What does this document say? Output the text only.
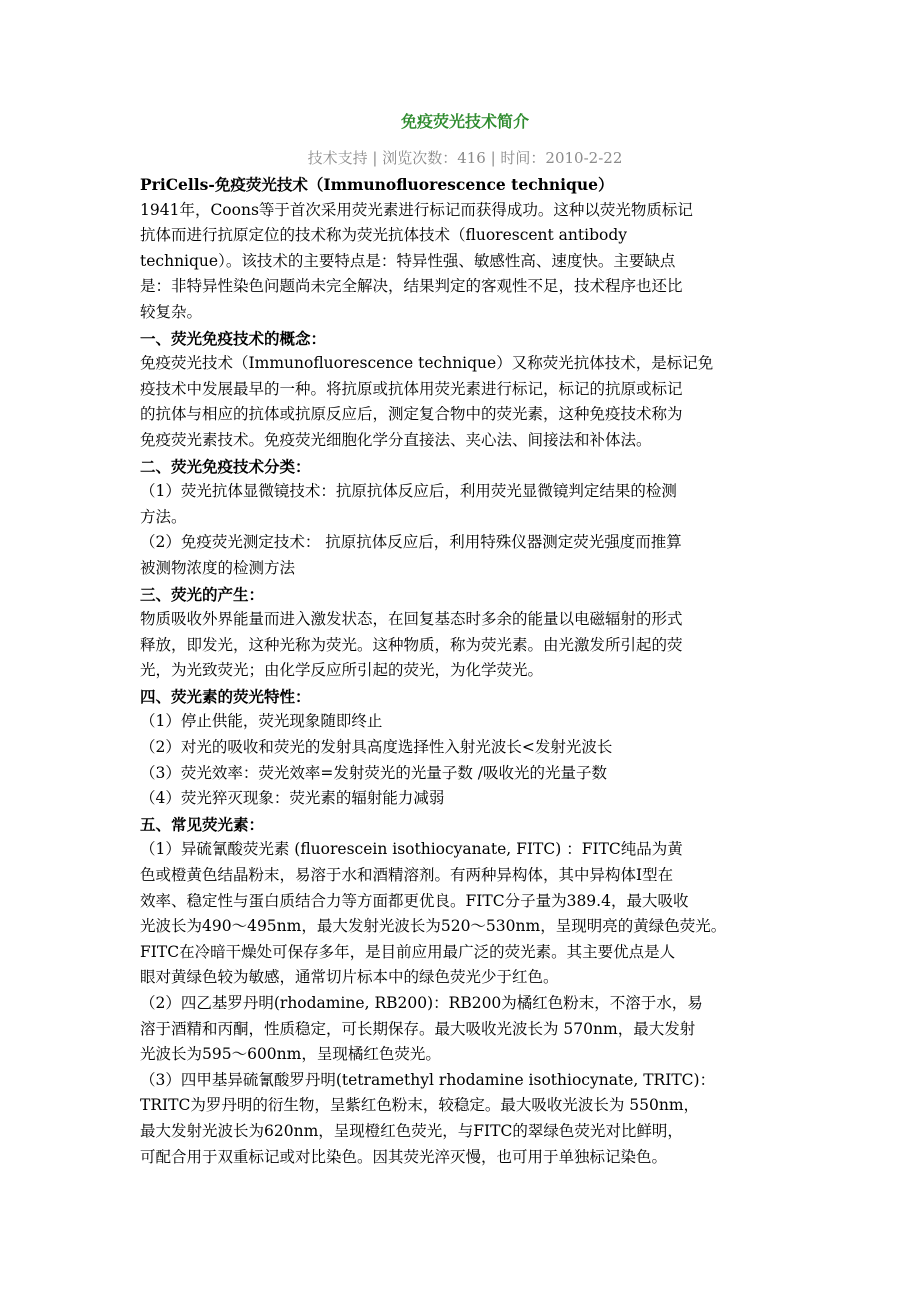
免疫荧光技术简介
技术支持 | 浏览次数：416 | 时间：2010-2-22
PriCells-免疫荧光技术（Immunofluorescence technique）
1941年，Coons等于首次采用荧光素进行标记而获得成功。这种以荧光物质标记
抗体而进行抗原定位的技术称为荧光抗体技术（fluorescent antibody
technique）。该技术的主要特点是：特异性强、敏感性高、速度快。主要缺点
是：非特异性染色问题尚未完全解决，结果判定的客观性不足，技术程序也还比
较复杂。
一、荧光免疫技术的概念：
免疫荧光技术（Immunofluorescence technique）又称荧光抗体技术，是标记免
疫技术中发展最早的一种。将抗原或抗体用荧光素进行标记，标记的抗原或标记
的抗体与相应的抗体或抗原反应后，测定复合物中的荧光素，这种免疫技术称为
免疫荧光素技术。免疫荧光细胞化学分直接法、夹心法、间接法和补体法。
二、荧光免疫技术分类：
（1）荧光抗体显微镜技术：抗原抗体反应后，利用荧光显微镜判定结果的检测
方法。
（2）免疫荧光测定技术： 抗原抗体反应后，利用特殊仪器测定荧光强度而推算
被测物浓度的检测方法
三、荧光的产生：
物质吸收外界能量而进入激发状态，在回复基态时多余的能量以电磁辐射的形式
释放，即发光，这种光称为荧光。这种物质，称为荧光素。由光激发所引起的荧
光，为光致荧光；由化学反应所引起的荧光，为化学荧光。
四、荧光素的荧光特性：
（1）停止供能，荧光现象随即终止
（2）对光的吸收和荧光的发射具高度选择性入射光波长<发射光波长
（3）荧光效率：荧光效率=发射荧光的光量子数 /吸收光的光量子数
（4）荧光猝灭现象：荧光素的辐射能力减弱
五、常见荧光素：
（1）异硫氰酸荧光素 (fluorescein isothiocyanate, FITC) ：FITC纯品为黄
色或橙黄色结晶粉末，易溶于水和酒精溶剂。有两种异构体，其中异构体Ⅰ型在
效率、稳定性与蛋白质结合力等方面都更优良。FITC分子量为389.4，最大吸收
光波长为490～495nm，最大发射光波长为520～530nm，呈现明亮的黄绿色荧光。
FITC在冷暗干燥处可保存多年，是目前应用最广泛的荧光素。其主要优点是人
眼对黄绿色较为敏感，通常切片标本中的绿色荧光少于红色。
（2）四乙基罗丹明(rhodamine, RB200)：RB200为橘红色粉末，不溶于水，易
溶于酒精和丙酮，性质稳定，可长期保存。最大吸收光波长为 570nm，最大发射
光波长为595～600nm，呈现橘红色荧光。
（3）四甲基异硫氰酸罗丹明(tetramethyl rhodamine isothiocynate, TRITC)：
TRITC为罗丹明的衍生物，呈紫红色粉末，较稳定。最大吸收光波长为 550nm，
最大发射光波长为620nm，呈现橙红色荧光，与FITC的翠绿色荧光对比鲜明，
可配合用于双重标记或对比染色。因其荧光淬灭慢，也可用于单独标记染色。
